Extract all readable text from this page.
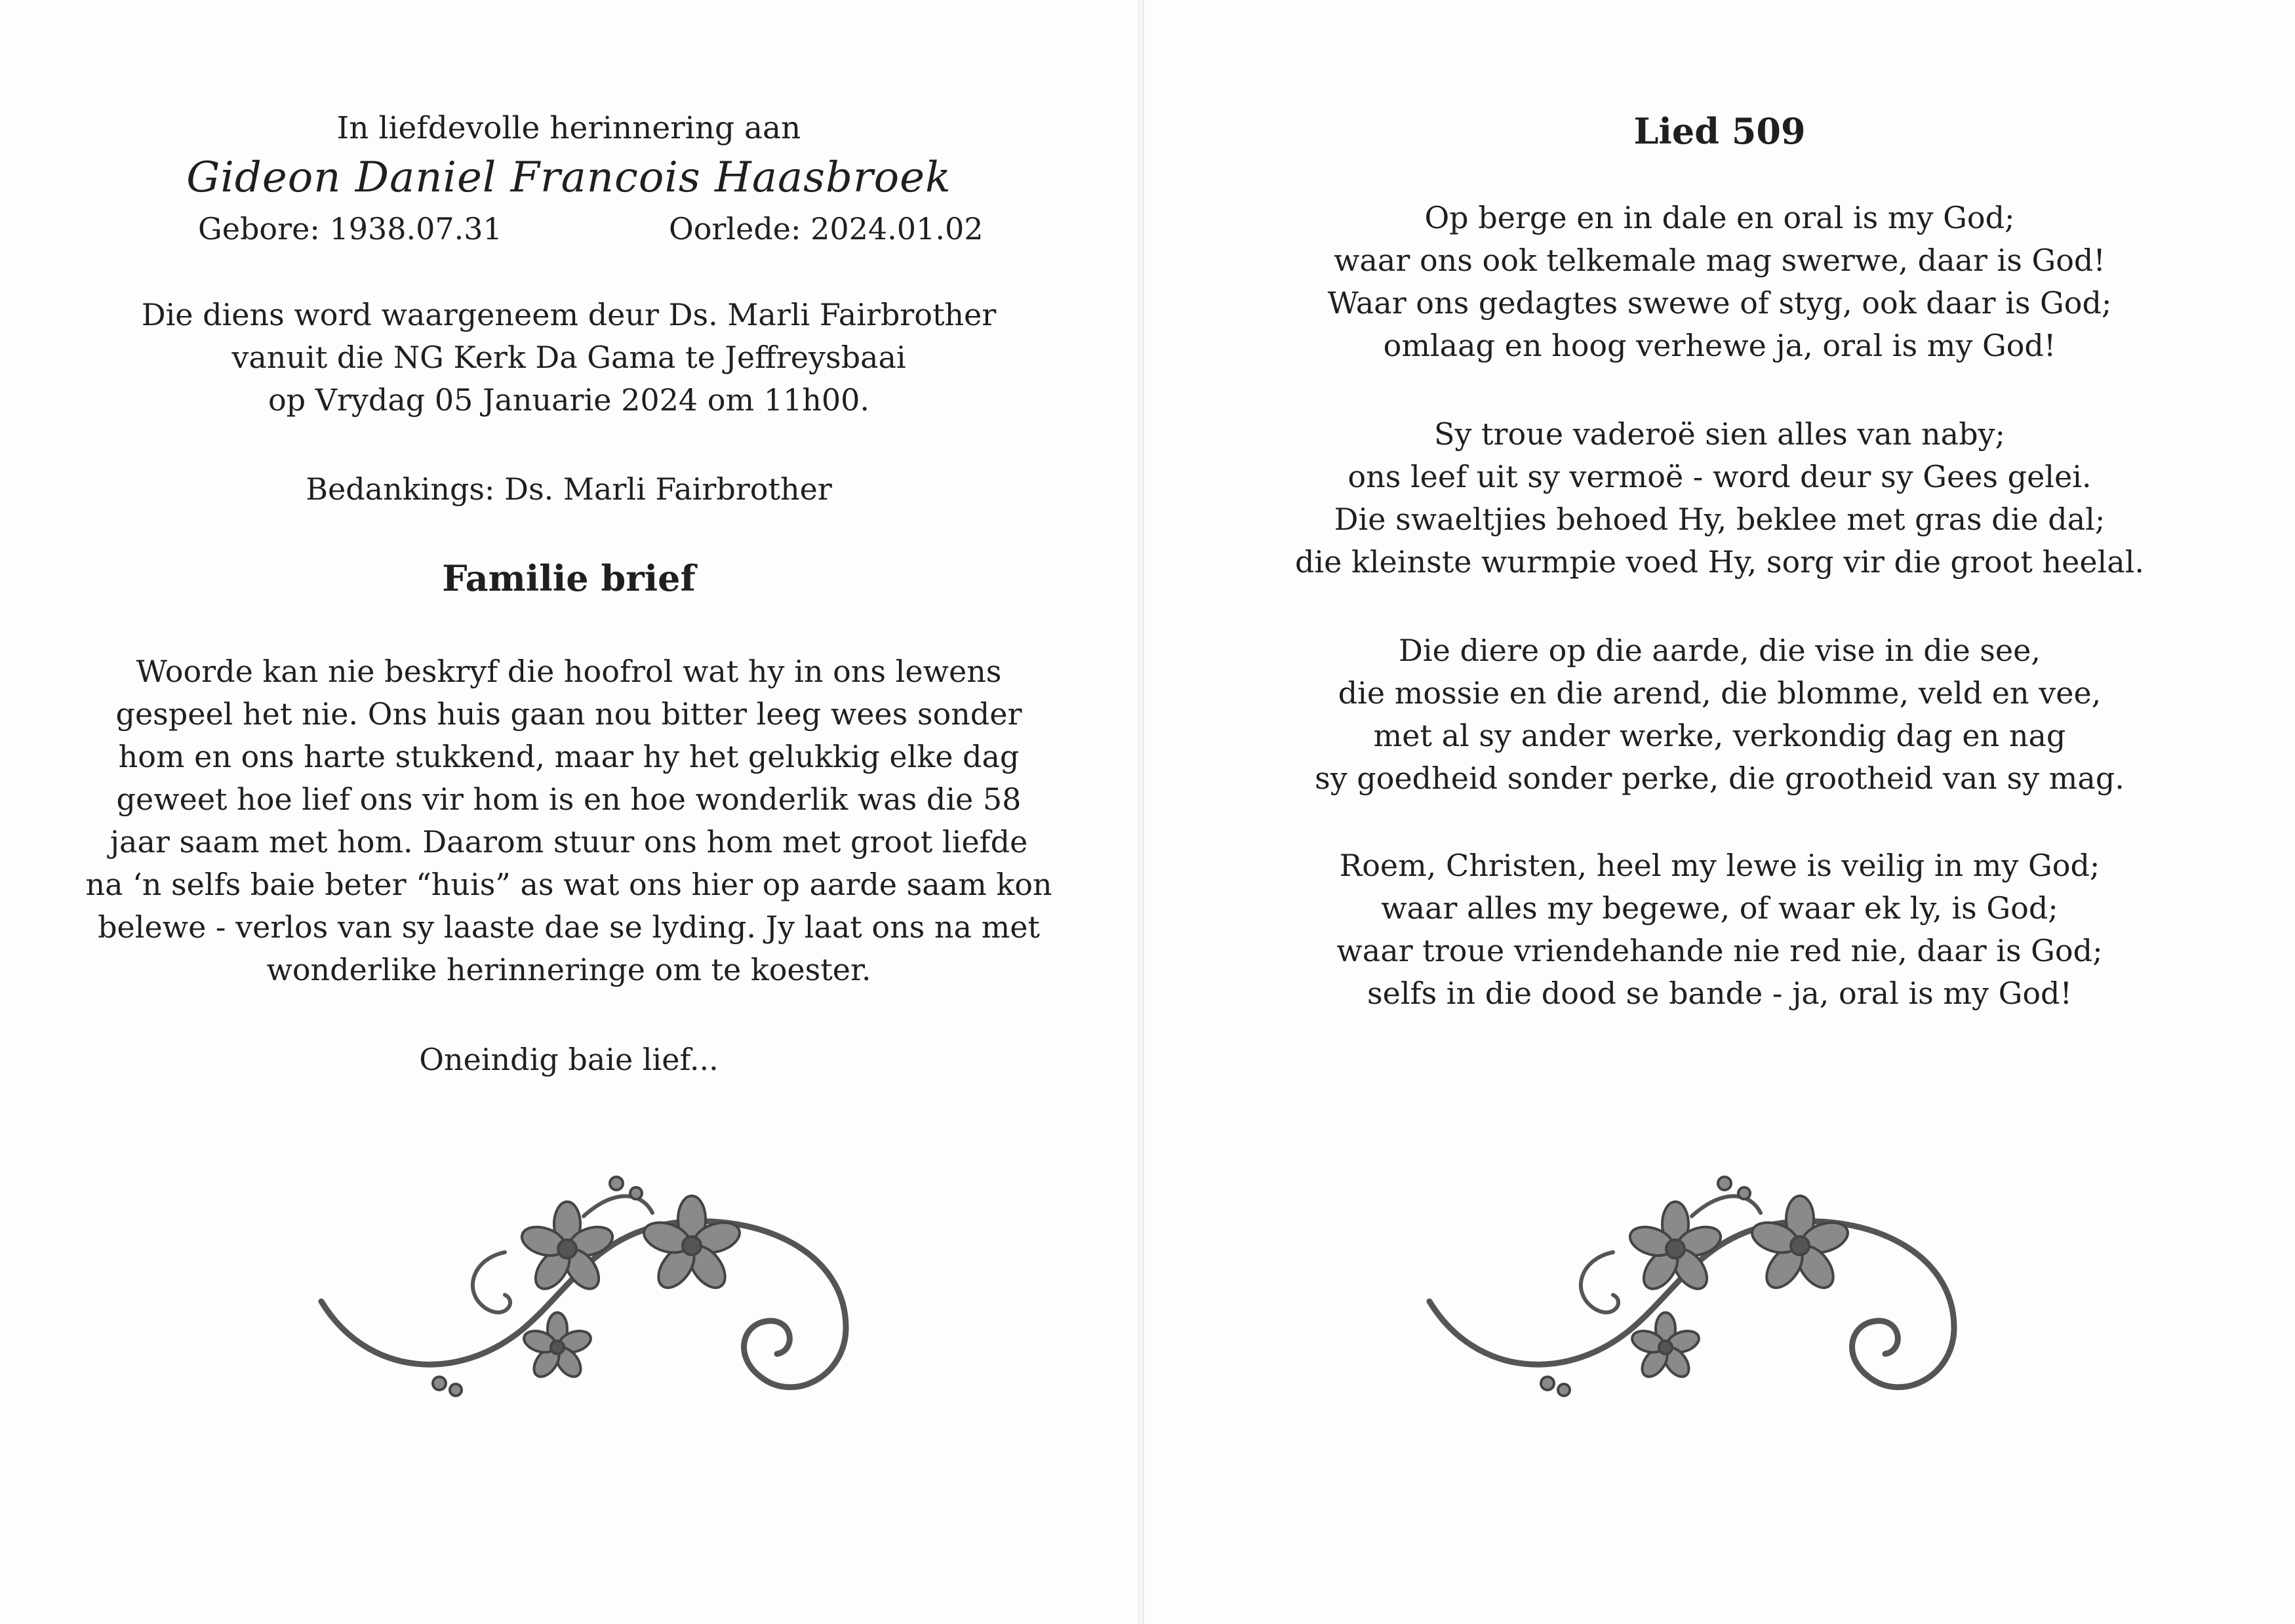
In liefdevolle herinnering aan
Gideon Daniel Francois Haasbroek
Gebore: 1938.07.31	Oorlede: 2024.01.02
Die diens word waargeneem deur Ds. Marli Fairbrother
vanuit die NG Kerk Da Gama te Jeffreysbaai
op Vrydag 05 Januarie 2024 om 11h00.
Bedankings: Ds. Marli Fairbrother
Familie brief
Woorde kan nie beskryf die hoofrol wat hy in ons lewens
gespeel het nie. Ons huis gaan nou bitter leeg wees sonder
hom en ons harte stukkend, maar hy het gelukkig elke dag
geweet hoe lief ons vir hom is en hoe wonderlik was die 58
jaar saam met hom. Daarom stuur ons hom met groot liefde
na ‘n selfs baie beter “huis” as wat ons hier op aarde saam kon
belewe - verlos van sy laaste dae se lyding. Jy laat ons na met
wonderlike herinneringe om te koester.
Oneindig baie lief...
Lied 509
Op berge en in dale en oral is my God;
waar ons ook telkemale mag swerwe, daar is God!
Waar ons gedagtes swewe of styg, ook daar is God;
omlaag en hoog verhewe ja, oral is my God!
Sy troue vaderoë sien alles van naby;
ons leef uit sy vermoë - word deur sy Gees gelei.
Die swaeltjies behoed Hy, beklee met gras die dal;
die kleinste wurmpie voed Hy, sorg vir die groot heelal.
Die diere op die aarde, die vise in die see,
die mossie en die arend, die blomme, veld en vee,
met al sy ander werke, verkondig dag en nag
sy goedheid sonder perke, die grootheid van sy mag.
Roem, Christen, heel my lewe is veilig in my God;
waar alles my begewe, of waar ek ly, is God;
waar troue vriendehande nie red nie, daar is God;
selfs in die dood se bande - ja, oral is my God!
